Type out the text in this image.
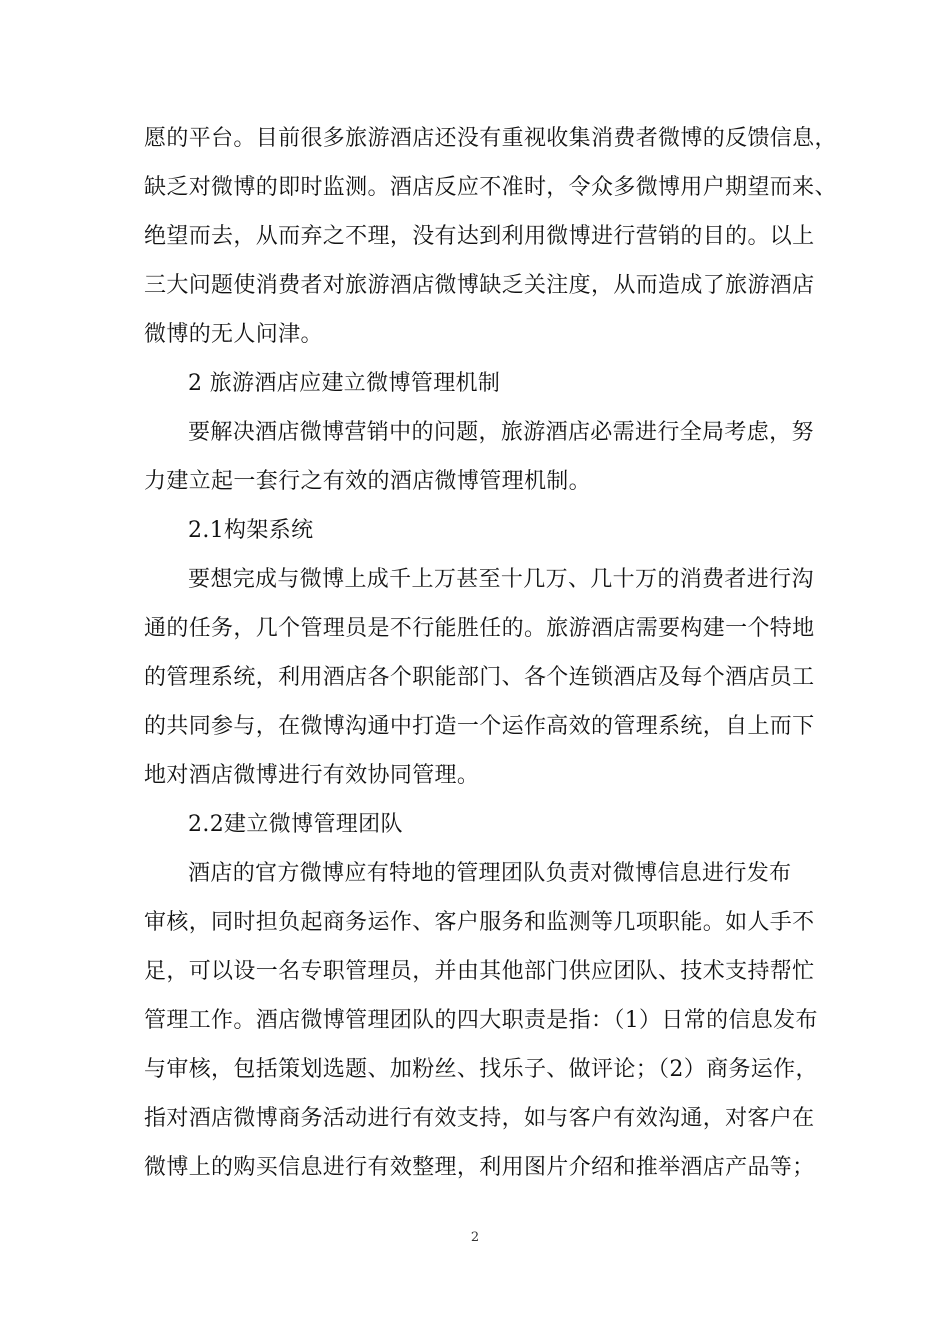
愿的平台。目前很多旅游酒店还没有重视收集消费者微博的反馈信息，
缺乏对微博的即时监测。酒店反应不准时，令众多微博用户期望而来、
绝望而去，从而弃之不理，没有达到利用微博进行营销的目的。以上
三大问题使消费者对旅游酒店微博缺乏关注度，从而造成了旅游酒店
微博的无人问津。
2 旅游酒店应建立微博管理机制
要解决酒店微博营销中的问题，旅游酒店必需进行全局考虑，努
力建立起一套行之有效的酒店微博管理机制。
2.1构架系统
要想完成与微博上成千上万甚至十几万、几十万的消费者进行沟
通的任务，几个管理员是不行能胜任的。旅游酒店需要构建一个特地
的管理系统，利用酒店各个职能部门、各个连锁酒店及每个酒店员工
的共同参与，在微博沟通中打造一个运作高效的管理系统，自上而下
地对酒店微博进行有效协同管理。
2.2建立微博管理团队
酒店的官方微博应有特地的管理团队负责对微博信息进行发布
审核，同时担负起商务运作、客户服务和监测等几项职能。如人手不
足，可以设一名专职管理员，并由其他部门供应团队、技术支持帮忙
管理工作。酒店微博管理团队的四大职责是指：（1）日常的信息发布
与审核，包括策划选题、加粉丝、找乐子、做评论；（2）商务运作，
指对酒店微博商务活动进行有效支持，如与客户有效沟通，对客户在
微博上的购买信息进行有效整理，利用图片介绍和推举酒店产品等；
2
